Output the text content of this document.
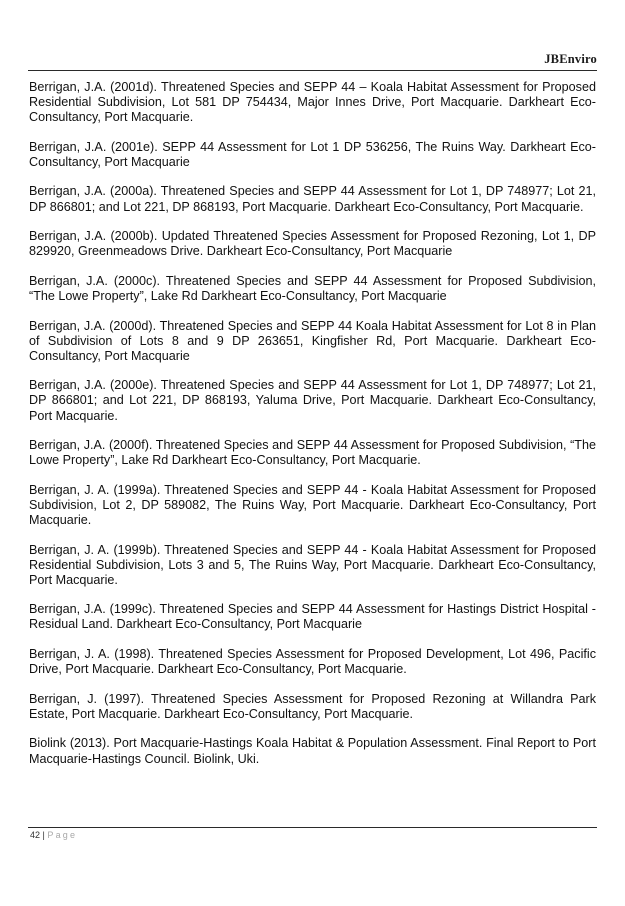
JBEnviro

Berrigan, J.A. (2001d). Threatened Species and SEPP 44 – Koala Habitat Assessment for Proposed Residential Subdivision, Lot 581 DP 754434, Major Innes Drive, Port Macquarie. Darkheart Eco-Consultancy, Port Macquarie.

Berrigan, J.A. (2001e). SEPP 44 Assessment for Lot 1 DP 536256, The Ruins Way. Darkheart Eco-Consultancy, Port Macquarie

Berrigan, J.A. (2000a). Threatened Species and SEPP 44 Assessment for Lot 1, DP 748977; Lot 21, DP 866801; and Lot 221, DP 868193, Port Macquarie. Darkheart Eco-Consultancy, Port Macquarie.

Berrigan, J.A. (2000b). Updated Threatened Species Assessment for Proposed Rezoning, Lot 1, DP 829920, Greenmeadows Drive. Darkheart Eco-Consultancy, Port Macquarie

Berrigan, J.A. (2000c). Threatened Species and SEPP 44 Assessment for Proposed Subdivision, “The Lowe Property”, Lake Rd Darkheart Eco-Consultancy, Port Macquarie

Berrigan, J.A. (2000d). Threatened Species and SEPP 44 Koala Habitat Assessment for Lot 8 in Plan of Subdivision of Lots 8 and 9 DP 263651, Kingfisher Rd, Port Macquarie. Darkheart Eco-Consultancy, Port Macquarie

Berrigan, J.A. (2000e). Threatened Species and SEPP 44 Assessment for Lot 1, DP 748977; Lot 21, DP 866801; and Lot 221, DP 868193, Yaluma Drive, Port Macquarie. Darkheart Eco-Consultancy, Port Macquarie.

Berrigan, J.A. (2000f). Threatened Species and SEPP 44 Assessment for Proposed Subdivision, “The Lowe Property”, Lake Rd Darkheart Eco-Consultancy, Port Macquarie.

Berrigan, J. A. (1999a). Threatened Species and SEPP 44 - Koala Habitat Assessment for Proposed Subdivision, Lot 2, DP 589082, The Ruins Way, Port Macquarie. Darkheart Eco-Consultancy, Port Macquarie.

Berrigan, J. A. (1999b). Threatened Species and SEPP 44 - Koala Habitat Assessment for Proposed Residential Subdivision, Lots 3 and 5, The Ruins Way, Port Macquarie. Darkheart Eco-Consultancy, Port Macquarie.

Berrigan, J.A. (1999c). Threatened Species and SEPP 44 Assessment for Hastings District Hospital - Residual Land. Darkheart Eco-Consultancy, Port Macquarie

Berrigan, J. A. (1998). Threatened Species Assessment for Proposed Development, Lot 496, Pacific Drive, Port Macquarie. Darkheart Eco-Consultancy, Port Macquarie.

Berrigan, J. (1997). Threatened Species Assessment for Proposed Rezoning at Willandra Park Estate, Port Macquarie. Darkheart Eco-Consultancy, Port Macquarie.

Biolink (2013). Port Macquarie-Hastings Koala Habitat & Population Assessment. Final Report to Port Macquarie-Hastings Council. Biolink, Uki.

42 | Page
